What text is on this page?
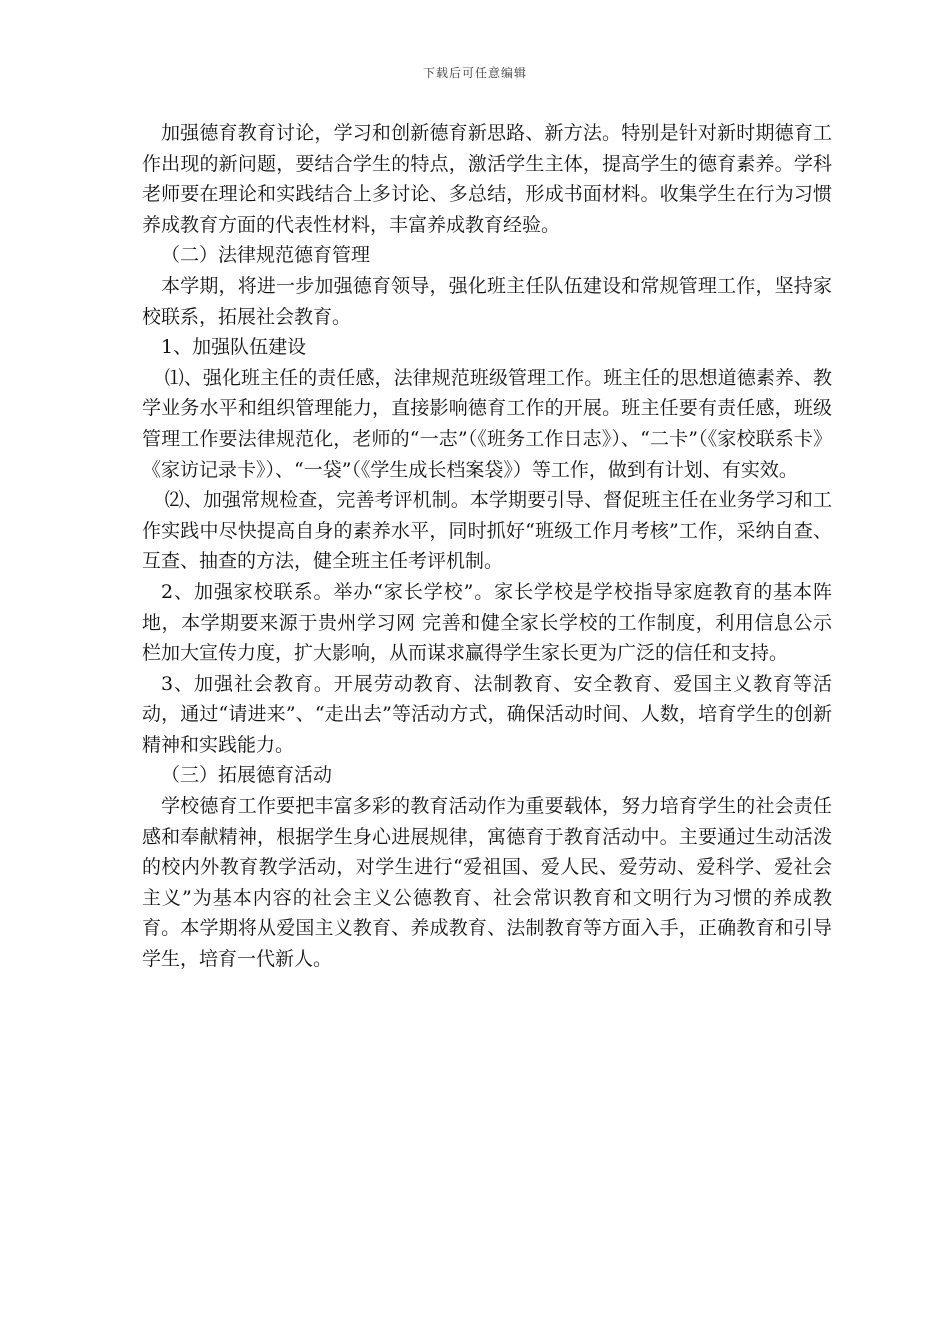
下载后可任意编辑

加强德育教育讨论，学习和创新德育新思路、新方法。特别是针对新时期德育工作出现的新问题，要结合学生的特点，激活学生主体，提高学生的德育素养。学科老师要在理论和实践结合上多讨论、多总结，形成书面材料。收集学生在行为习惯养成教育方面的代表性材料，丰富养成教育经验。

（二）法律规范德育管理

本学期，将进一步加强德育领导，强化班主任队伍建设和常规管理工作，坚持家校联系，拓展社会教育。

1、加强队伍建设

⑴、强化班主任的责任感，法律规范班级管理工作。班主任的思想道德素养、教学业务水平和组织管理能力，直接影响德育工作的开展。班主任要有责任感，班级管理工作要法律规范化，老师的“一志”（《班务工作日志》）、“二卡”（《家校联系卡》《家访记录卡》）、“一袋”（《学生成长档案袋》）等工作，做到有计划、有实效。

⑵、加强常规检查，完善考评机制。本学期要引导、督促班主任在业务学习和工作实践中尽快提高自身的素养水平，同时抓好“班级工作月考核”工作，采纳自查、互查、抽查的方法，健全班主任考评机制。

2、加强家校联系。举办“家长学校”。家长学校是学校指导家庭教育的基本阵地，本学期要来源于贵州学习网 完善和健全家长学校的工作制度，利用信息公示栏加大宣传力度，扩大影响，从而谋求赢得学生家长更为广泛的信任和支持。

3、加强社会教育。开展劳动教育、法制教育、安全教育、爱国主义教育等活动，通过“请进来”、“走出去”等活动方式，确保活动时间、人数，培育学生的创新精神和实践能力。

（三）拓展德育活动

学校德育工作要把丰富多彩的教育活动作为重要载体，努力培育学生的社会责任感和奉献精神，根据学生身心进展规律，寓德育于教育活动中。主要通过生动活泼的校内外教育教学活动，对学生进行“爱祖国、爱人民、爱劳动、爱科学、爱社会主义”为基本内容的社会主义公德教育、社会常识教育和文明行为习惯的养成教育。本学期将从爱国主义教育、养成教育、法制教育等方面入手，正确教育和引导学生，培育一代新人。
